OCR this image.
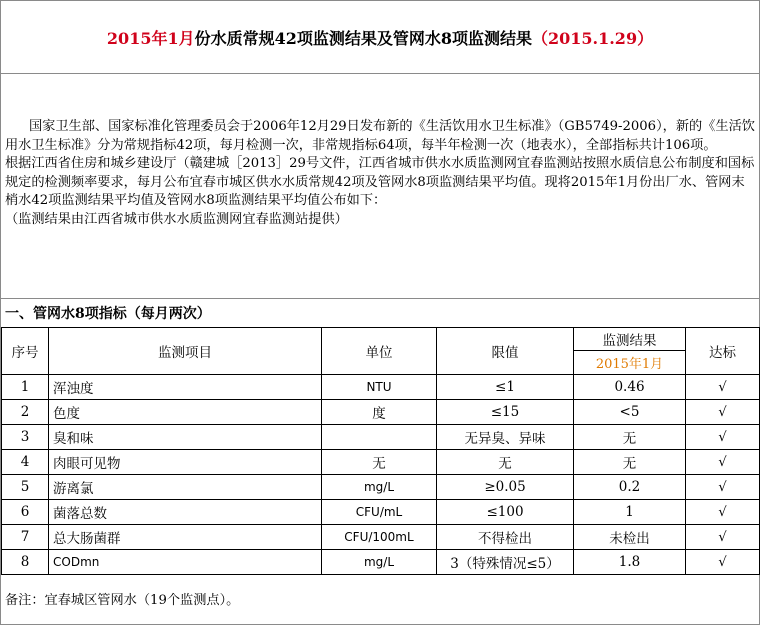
2015年1月 份水质常规42项监测结果及管网水8项监测结果 （2015.1.29）

国家卫生部、国家标准化管理委员会于2006年12月29日发布新的《生活饮用水卫生标准》（GB5749-2006），新的《生活饮用水卫生标准》分为常规指标42项，每月检测一次，非常规指标64项，每半年检测一次（地表水），全部指标共计106项。

根据江西省住房和城乡建设厅（赣建城［2013］29号文件，江西省城市供水水质监测网宜春监测站按照水质信息公布制度和国标规定的检测频率要求，每月公布宜春市城区供水水质常规42项及管网水8项监测结果平均值。现将2015年1月份出厂水、管网末梢水42项监测结果平均值及管网水8项监测结果平均值公布如下：

（监测结果由江西省城市供水水质监测网宜春监测站提供）

一、管网水8项指标（每月两次）
序号	监测项目	单位	限值	监测结果	达标
				2015年1月	
1	浑浊度	NTU	≤1	0.46	√
2	色度	度	≤15	<5	√
3	臭和味		无异臭、异味	无	√
4	肉眼可见物	无	无	无	√
5	游离氯	mg/L	≥0.05	0.2	√
6	菌落总数	CFU/mL	≤100	1	√
7	总大肠菌群	CFU/100mL	不得检出	未检出	√
8	CODmn	mg/L	3（特殊情况≤5）	1.8	√
备注：宜春城区管网水（19个监测点）。
